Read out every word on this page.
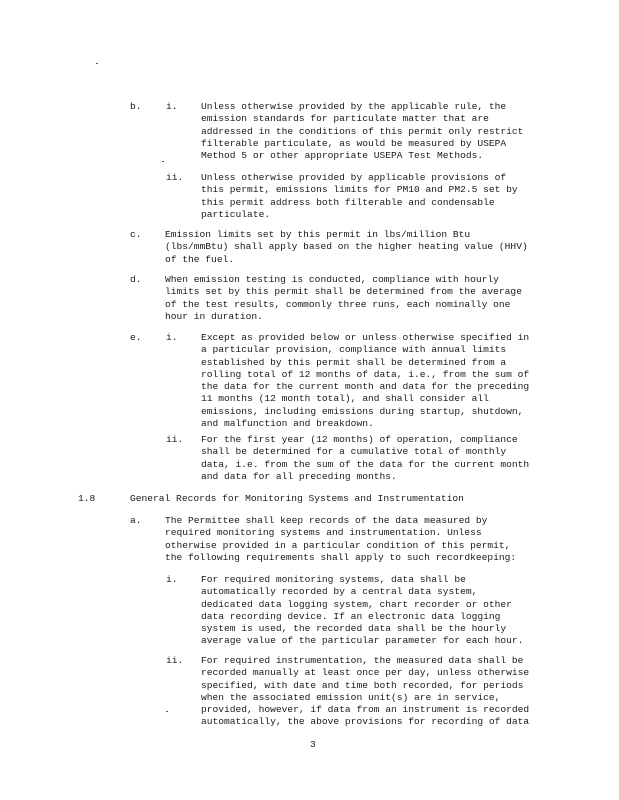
b.	i. Unless otherwise provided by the applicable rule, the
emission standards for particulate matter that are
addressed in the conditions of this permit only restrict
filterable particulate, as would be measured by USEPA
Method 5 or other appropriate USEPA Test Methods.
ii. Unless otherwise provided by applicable provisions of
this permit, emissions limits for PM10 and PM2.5 set by
this permit address both filterable and condensable
particulate.
c. Emission limits set by this permit in lbs/million Btu
(lbs/mmBtu) shall apply based on the higher heating value (HHV)
of the fuel.
d. When emission testing is conducted, compliance with hourly
limits set by this permit shall be determined from the average
of the test results, commonly three runs, each nominally one
hour in duration.
e.	i. Except as provided below or unless otherwise specified in
a particular provision, compliance with annual limits
established by this permit shall be determined from a
rolling total of 12 months of data, i.e., from the sum of
the data for the current month and data for the preceding
11 months (12 month total), and shall consider all
emissions, including emissions during startup, shutdown,
and malfunction and breakdown.
ii. For the first year (12 months) of operation, compliance
shall be determined for a cumulative total of monthly
data, i.e. from the sum of the data for the current month
and data for all preceding months.
1.8	General Records for Monitoring Systems and Instrumentation
a. The Permittee shall keep records of the data measured by
required monitoring systems and instrumentation. Unless
otherwise provided in a particular condition of this permit,
the following requirements shall apply to such recordkeeping:
i. For required monitoring systems, data shall be
automatically recorded by a central data system,
dedicated data logging system, chart recorder or other
data recording device. If an electronic data logging
system is used, the recorded data shall be the hourly
average value of the particular parameter for each hour.
ii. For required instrumentation, the measured data shall be
recorded manually at least once per day, unless otherwise
specified, with date and time both recorded, for periods
when the associated emission unit(s) are in service,
provided, however, if data from an instrument is recorded
automatically, the above provisions for recording of data
3
